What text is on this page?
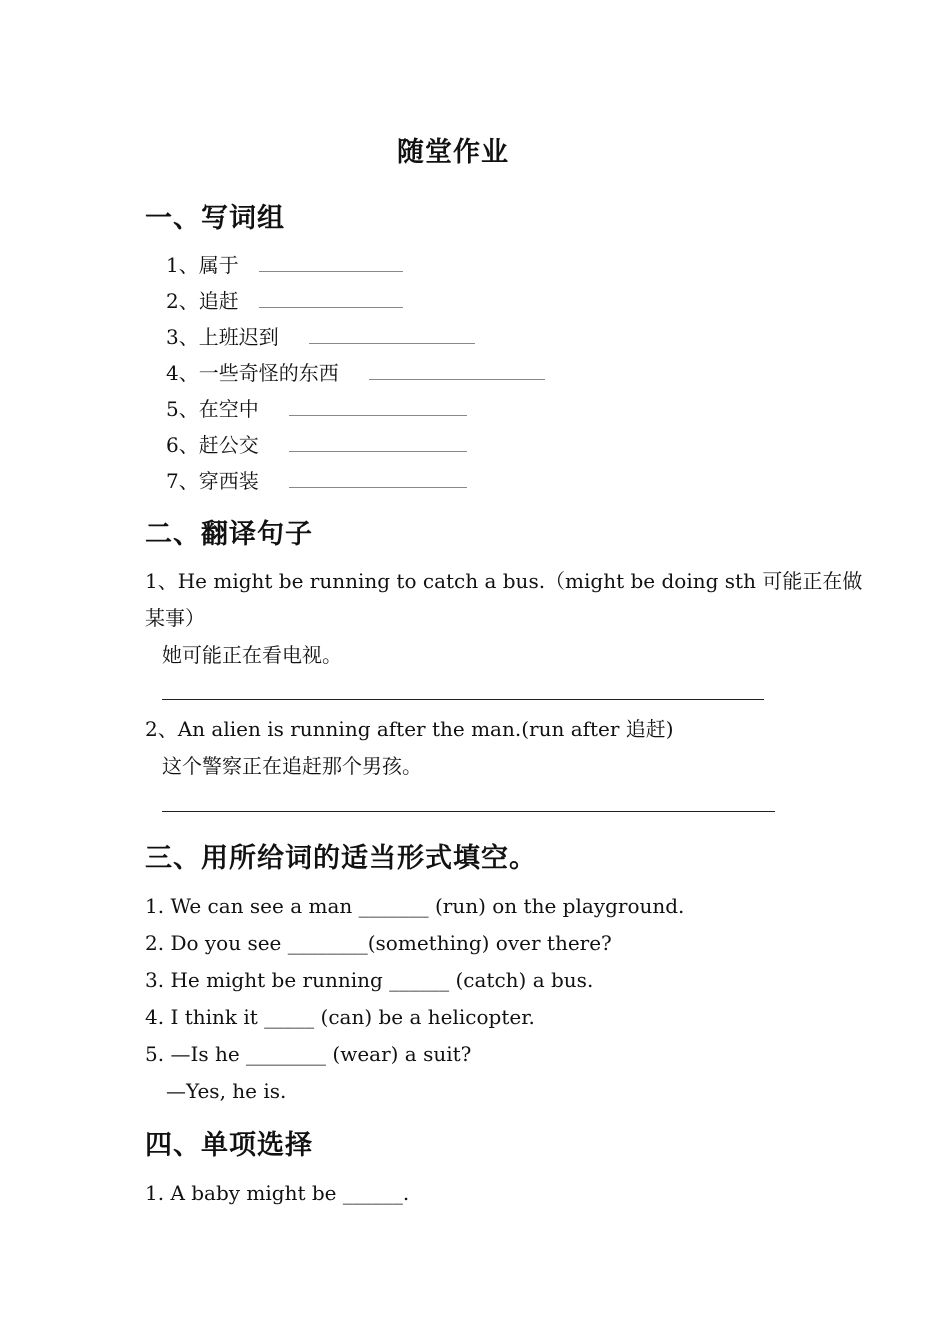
随堂作业
一、写词组
1、属于
2、追赶
3、上班迟到
4、一些奇怪的东西
5、在空中
6、赶公交
7、穿西装
二、翻译句子
1、He might be running to catch a bus.（might be doing sth 可能正在做
某事）
她可能正在看电视。
2、An alien is running after the man.(run after 追赶)
这个警察正在追赶那个男孩。
三、用所给词的适当形式填空。
1. We can see a man _______ (run) on the playground.
2. Do you see ________(something) over there?
3. He might be running ______ (catch) a bus.
4. I think it _____ (can) be a helicopter.
5. —Is he ________ (wear) a suit?
—Yes, he is.
四、单项选择
1. A baby might be ______.
